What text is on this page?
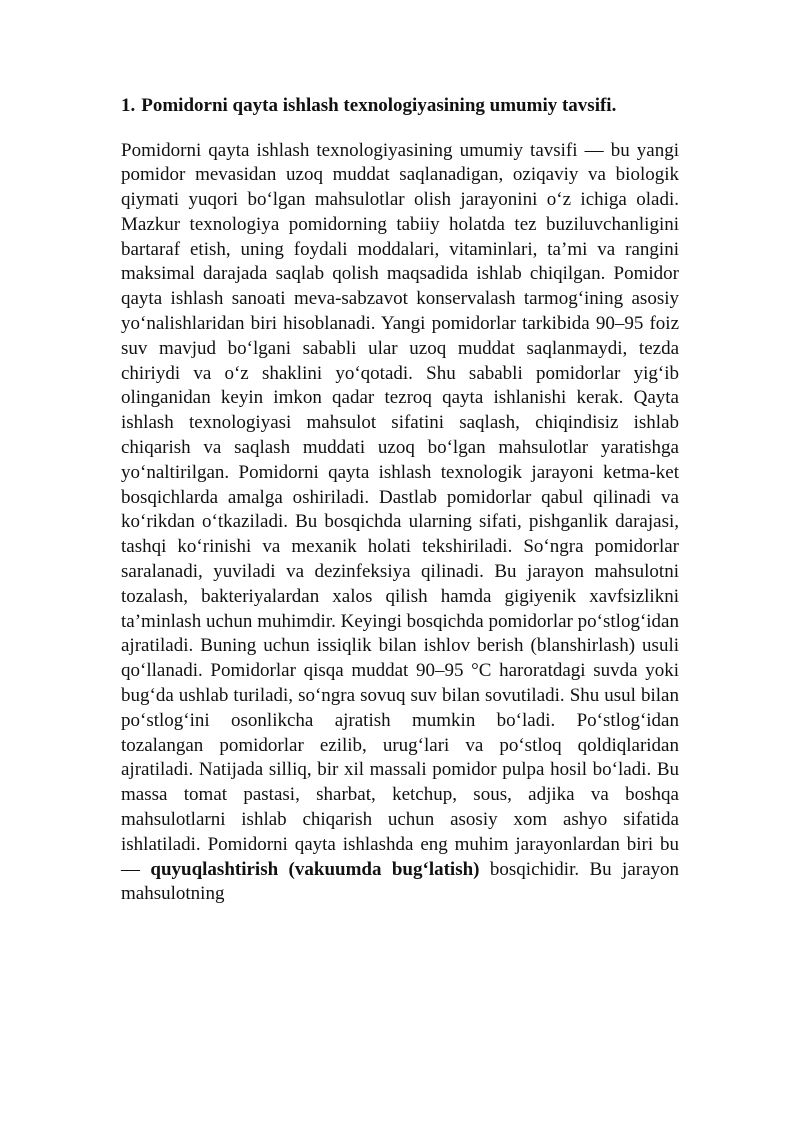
1. Pomidorni qayta ishlash texnologiyasining umumiy tavsifi.

Pomidorni qayta ishlash texnologiyasining umumiy tavsifi — bu yangi pomidor mevasidan uzoq muddat saqlanadigan, oziqaviy va biologik qiymati yuqori bo‘lgan mahsulotlar olish jarayonini o‘z ichiga oladi. Mazkur texnologiya pomidorning tabiiy holatda tez buziluvchanligini bartaraf etish, uning foydali moddalari, vitaminlari, ta’mi va rangini maksimal darajada saqlab qolish maqsadida ishlab chiqilgan. Pomidor qayta ishlash sanoati meva-sabzavot konservalash tarmog‘ining asosiy yo‘nalishlaridan biri hisoblanadi. Yangi pomidorlar tarkibida 90–95 foiz suv mavjud bo‘lgani sababli ular uzoq muddat saqlanmaydi, tezda chiriydi va o‘z shaklini yo‘qotadi. Shu sababli pomidorlar yig‘ib olinganidan keyin imkon qadar tezroq qayta ishlanishi kerak. Qayta ishlash texnologiyasi mahsulot sifatini saqlash, chiqindisiz ishlab chiqarish va saqlash muddati uzoq bo‘lgan mahsulotlar yaratishga yo‘naltirilgan. Pomidorni qayta ishlash texnologik jarayoni ketma-ket bosqichlarda amalga oshiriladi. Dastlab pomidorlar qabul qilinadi va ko‘rikdan o‘tkaziladi. Bu bosqichda ularning sifati, pishganlik darajasi, tashqi ko‘rinishi va mexanik holati tekshiriladi. So‘ngra pomidorlar saralanadi, yuviladi va dezinfeksiya qilinadi. Bu jarayon mahsulotni tozalash, bakteriyalardan xalos qilish hamda gigiyenik xavfsizlikni ta’minlash uchun muhimdir. Keyingi bosqichda pomidorlar po‘stlog‘idan ajratiladi. Buning uchun issiqlik bilan ishlov berish (blanshirlash) usuli qo‘llanadi. Pomidorlar qisqa muddat 90–95 °C haroratdagi suvda yoki bug‘da ushlab turiladi, so‘ngra sovuq suv bilan sovutiladi. Shu usul bilan po‘stlog‘ini osonlikcha ajratish mumkin bo‘ladi. Po‘stlog‘idan tozalangan pomidorlar ezilib, urug‘lari va po‘stloq qoldiqlaridan ajratiladi. Natijada silliq, bir xil massali pomidor pulpa hosil bo‘ladi. Bu massa tomat pastasi, sharbat, ketchup, sous, adjika va boshqa mahsulotlarni ishlab chiqarish uchun asosiy xom ashyo sifatida ishlatiladi. Pomidorni qayta ishlashda eng muhim jarayonlardan biri bu — quyuqlashtirish (vakuumda bug‘latish) bosqichidir. Bu jarayon mahsulotning
